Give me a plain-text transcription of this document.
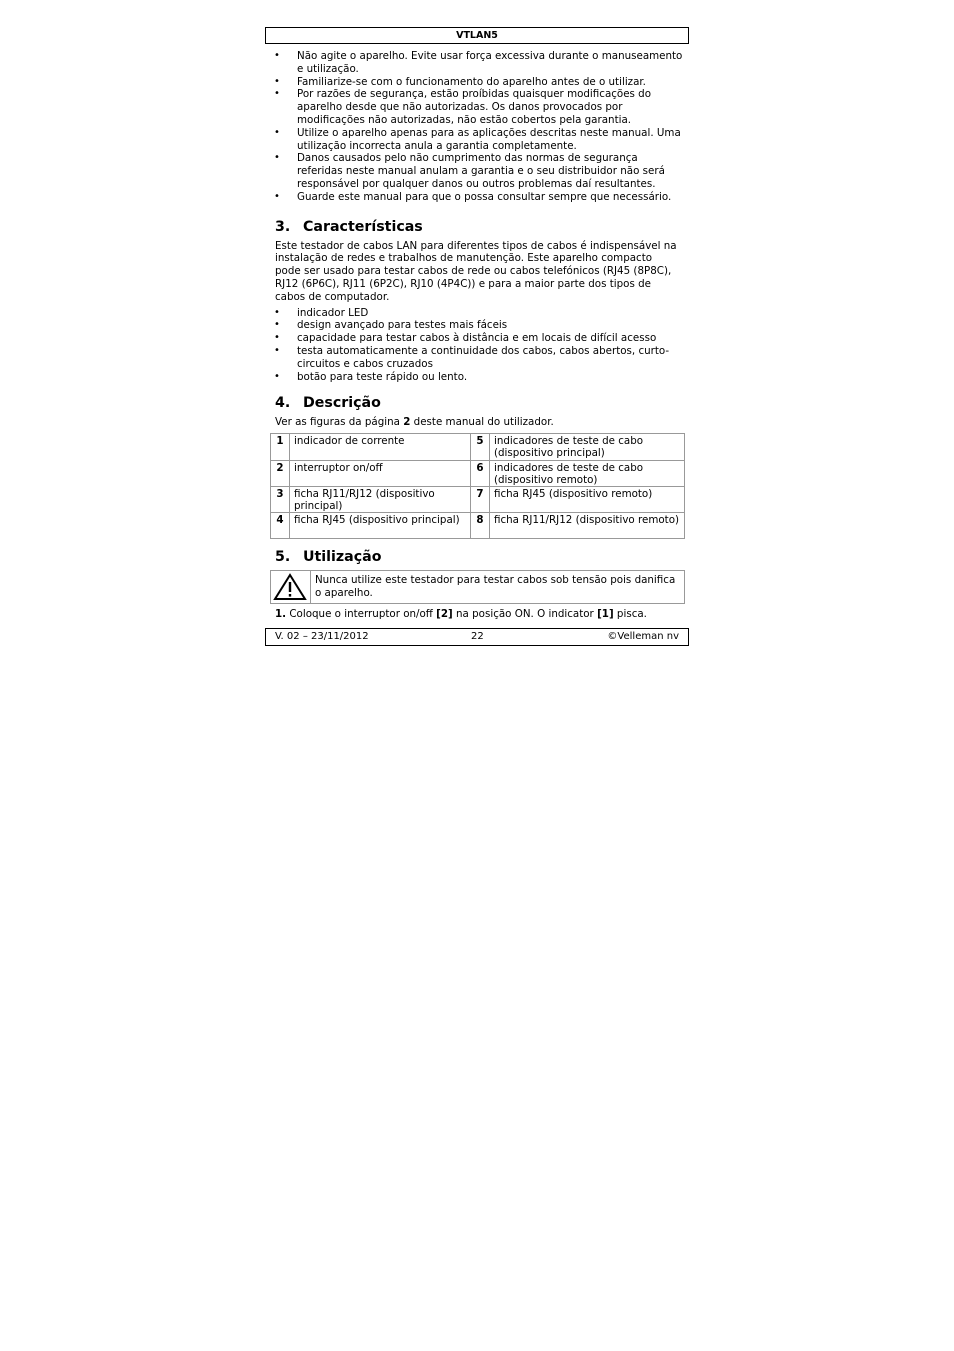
VTLAN5
• Não agite o aparelho. Evite usar força excessiva durante o manuseamento e utilização.
• Familiarize-se com o funcionamento do aparelho antes de o utilizar.
• Por razões de segurança, estão proíbidas quaisquer modificações do aparelho desde que não autorizadas. Os danos provocados por modificações não autorizadas, não estão cobertos pela garantia.
• Utilize o aparelho apenas para as aplicações descritas neste manual. Uma utilização incorrecta anula a garantia completamente.
• Danos causados pelo não cumprimento das normas de segurança referidas neste manual anulam a garantia e o seu distribuidor não será responsável por qualquer danos ou outros problemas daí resultantes.
• Guarde este manual para que o possa consultar sempre que necessário.
3. Características

Este testador de cabos LAN para diferentes tipos de cabos é indispensável na instalação de redes e trabalhos de manutenção. Este aparelho compacto pode ser usado para testar cabos de rede ou cabos telefónicos (RJ45 (8P8C), RJ12 (6P6C), RJ11 (6P2C), RJ10 (4P4C)) e para a maior parte dos tipos de cabos de computador.

• indicador LED
• design avançado para testes mais fáceis
• capacidade para testar cabos à distância e em locais de difícil acesso
• testa automaticamente a continuidade dos cabos, cabos abertos, curto-circuitos e cabos cruzados
• botão para teste rápido ou lento.
4. Descrição

Ver as figuras da página 2 deste manual do utilizador.

1	indicador de corrente	5	indicadores de teste de cabo (dispositivo principal)
2	interruptor on/off	6	indicadores de teste de cabo (dispositivo remoto)
3	ficha RJ11/RJ12 (dispositivo principal)	7	ficha RJ45 (dispositivo remoto)
4	ficha RJ45 (dispositivo principal)	8	ficha RJ11/RJ12 (dispositivo remoto)
5. Utilização
Nunca utilize este testador para testar cabos sob tensão pois danifica o aparelho.
1. Coloque o interruptor on/off [2] na posição ON. O indicator [1] pisca.
V. 02 – 23/11/2012	22	©Velleman nv
